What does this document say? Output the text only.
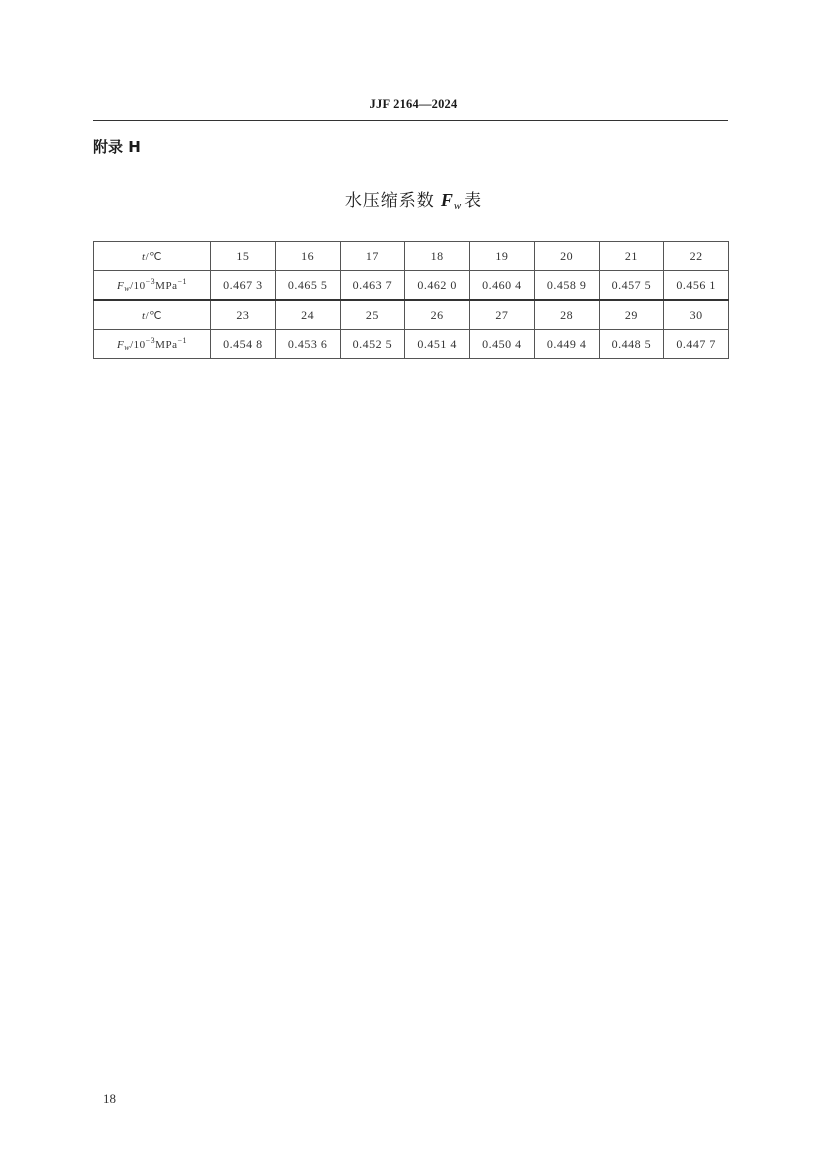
JJF 2164—2024
附录 H
水压缩系数 $F_w$ 表
t/℃	15	16	17	18	19	20	21	22
$Fw/10^{-3}MPa^{-1}$	0.467 3	0.465 5	0.463 7	0.462 0	0.460 4	0.458 9	0.457 5	0.456 1
t/℃	23	24	25	26	27	28	29	30
$Fw/10^{-3}MPa^{-1}$	0.454 8	0.453 6	0.452 5	0.451 4	0.450 4	0.449 4	0.448 5	0.447 7
18
